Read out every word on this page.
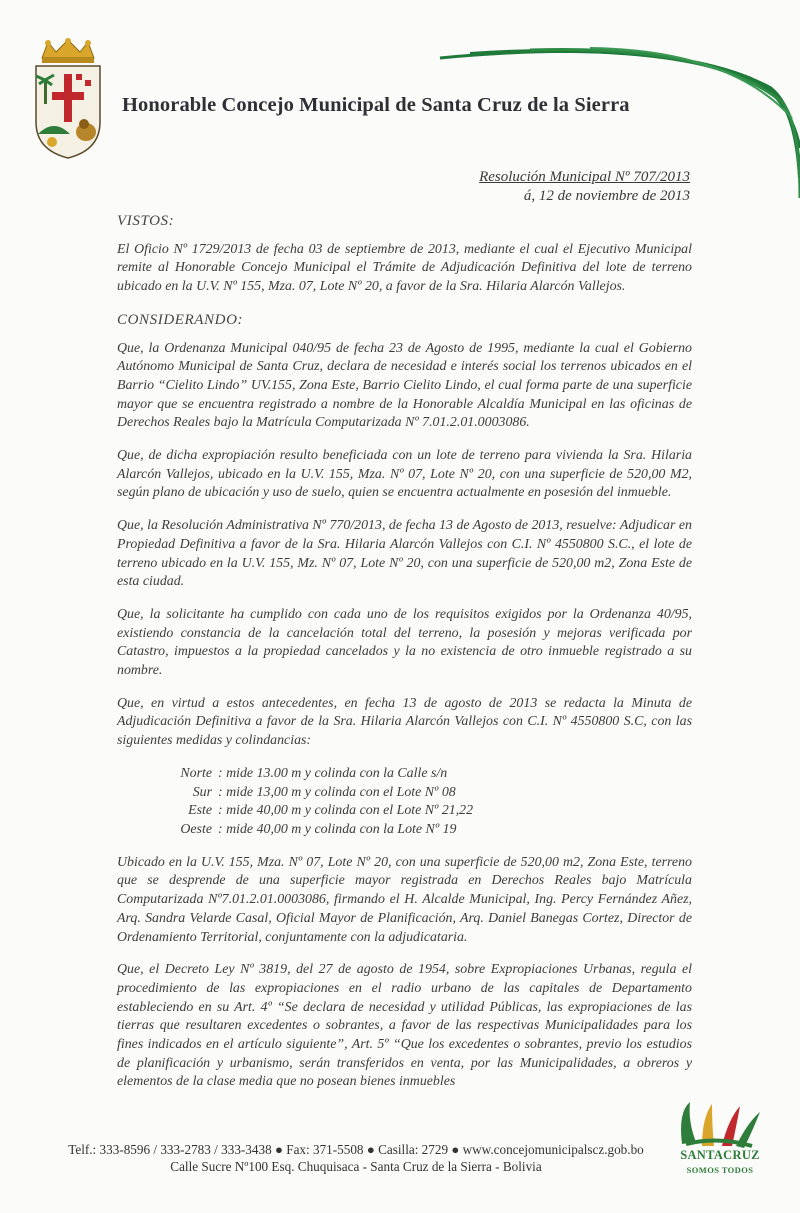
Honorable Concejo Municipal de Santa Cruz de la Sierra
Resolución Municipal Nº 707/2013
á, 12 de noviembre de 2013
VISTOS:

El Oficio Nº 1729/2013 de fecha 03 de septiembre de 2013, mediante el cual el Ejecutivo Municipal remite al Honorable Concejo Municipal el Trámite de Adjudicación Definitiva del lote de terreno ubicado en la U.V. Nº 155, Mza. 07, Lote Nº 20, a favor de la Sra. Hilaria Alarcón Vallejos.

CONSIDERANDO:

Que, la Ordenanza Municipal 040/95 de fecha 23 de Agosto de 1995, mediante la cual el Gobierno Autónomo Municipal de Santa Cruz, declara de necesidad e interés social los terrenos ubicados en el Barrio “Cielito Lindo” UV.155, Zona Este, Barrio Cielito Lindo, el cual forma parte de una superficie mayor que se encuentra registrado a nombre de la Honorable Alcaldía Municipal en las oficinas de Derechos Reales bajo la Matrícula Computarizada Nº 7.01.2.01.0003086.

Que, de dicha expropiación resulto beneficiada con un lote de terreno para vivienda la Sra. Hilaria Alarcón Vallejos, ubicado en la U.V. 155, Mza. Nº 07, Lote Nº 20, con una superficie de 520,00 M2, según plano de ubicación y uso de suelo, quien se encuentra actualmente en posesión del inmueble.

Que, la Resolución Administrativa Nº 770/2013, de fecha 13 de Agosto de 2013, resuelve: Adjudicar en Propiedad Definitiva a favor de la Sra. Hilaria Alarcón Vallejos con C.I. Nº 4550800 S.C., el lote de terreno ubicado en la U.V. 155, Mz. Nº 07, Lote Nº 20, con una superficie de 520,00 m2, Zona Este de esta ciudad.

Que, la solicitante ha cumplido con cada uno de los requisitos exigidos por la Ordenanza 40/95, existiendo constancia de la cancelación total del terreno, la posesión y mejoras verificada por Catastro, impuestos a la propiedad cancelados y la no existencia de otro inmueble registrado a su nombre.

Que, en virtud a estos antecedentes, en fecha 13 de agosto de 2013 se redacta la Minuta de Adjudicación Definitiva a favor de la Sra. Hilaria Alarcón Vallejos con C.I. Nº 4550800 S.C, con las siguientes medidas y colindancias:

Norte : mide 13.00 m y colinda con la Calle s/n
Sur : mide 13,00 m y colinda con el Lote Nº 08
Este : mide 40,00 m y colinda con el Lote Nº 21,22
Oeste : mide 40,00 m y colinda con la Lote Nº 19

Ubicado en la U.V. 155, Mza. Nº 07, Lote Nº 20, con una superficie de 520,00 m2, Zona Este, terreno que se desprende de una superficie mayor registrada en Derechos Reales bajo Matrícula Computarizada Nº7.01.2.01.0003086, firmando el H. Alcalde Municipal, Ing. Percy Fernández Añez, Arq. Sandra Velarde Casal, Oficial Mayor de Planificación, Arq. Daniel Banegas Cortez, Director de Ordenamiento Territorial, conjuntamente con la adjudicataria.

Que, el Decreto Ley Nº 3819, del 27 de agosto de 1954, sobre Expropiaciones Urbanas, regula el procedimiento de las expropiaciones en el radio urbano de las capitales de Departamento estableciendo en su Art. 4º “Se declara de necesidad y utilidad Públicas, las expropiaciones de las tierras que resultaren excedentes o sobrantes, a favor de las respectivas Municipalidades para los fines indicados en el artículo siguiente”, Art. 5º “Que los excedentes o sobrantes, previo los estudios de planificación y urbanismo, serán transferidos en venta, por las Municipalidades, a obreros y elementos de la clase media que no posean bienes inmuebles

SANTACRUZ
SOMOS TODOS
Telf.: 333-8596 / 333-2783 / 333-3438 ● Fax: 371-5508 ● Casilla: 2729 ● www.concejomunicipalscz.gob.bo
Calle Sucre Nº100 Esq. Chuquisaca - Santa Cruz de la Sierra - Bolivia
